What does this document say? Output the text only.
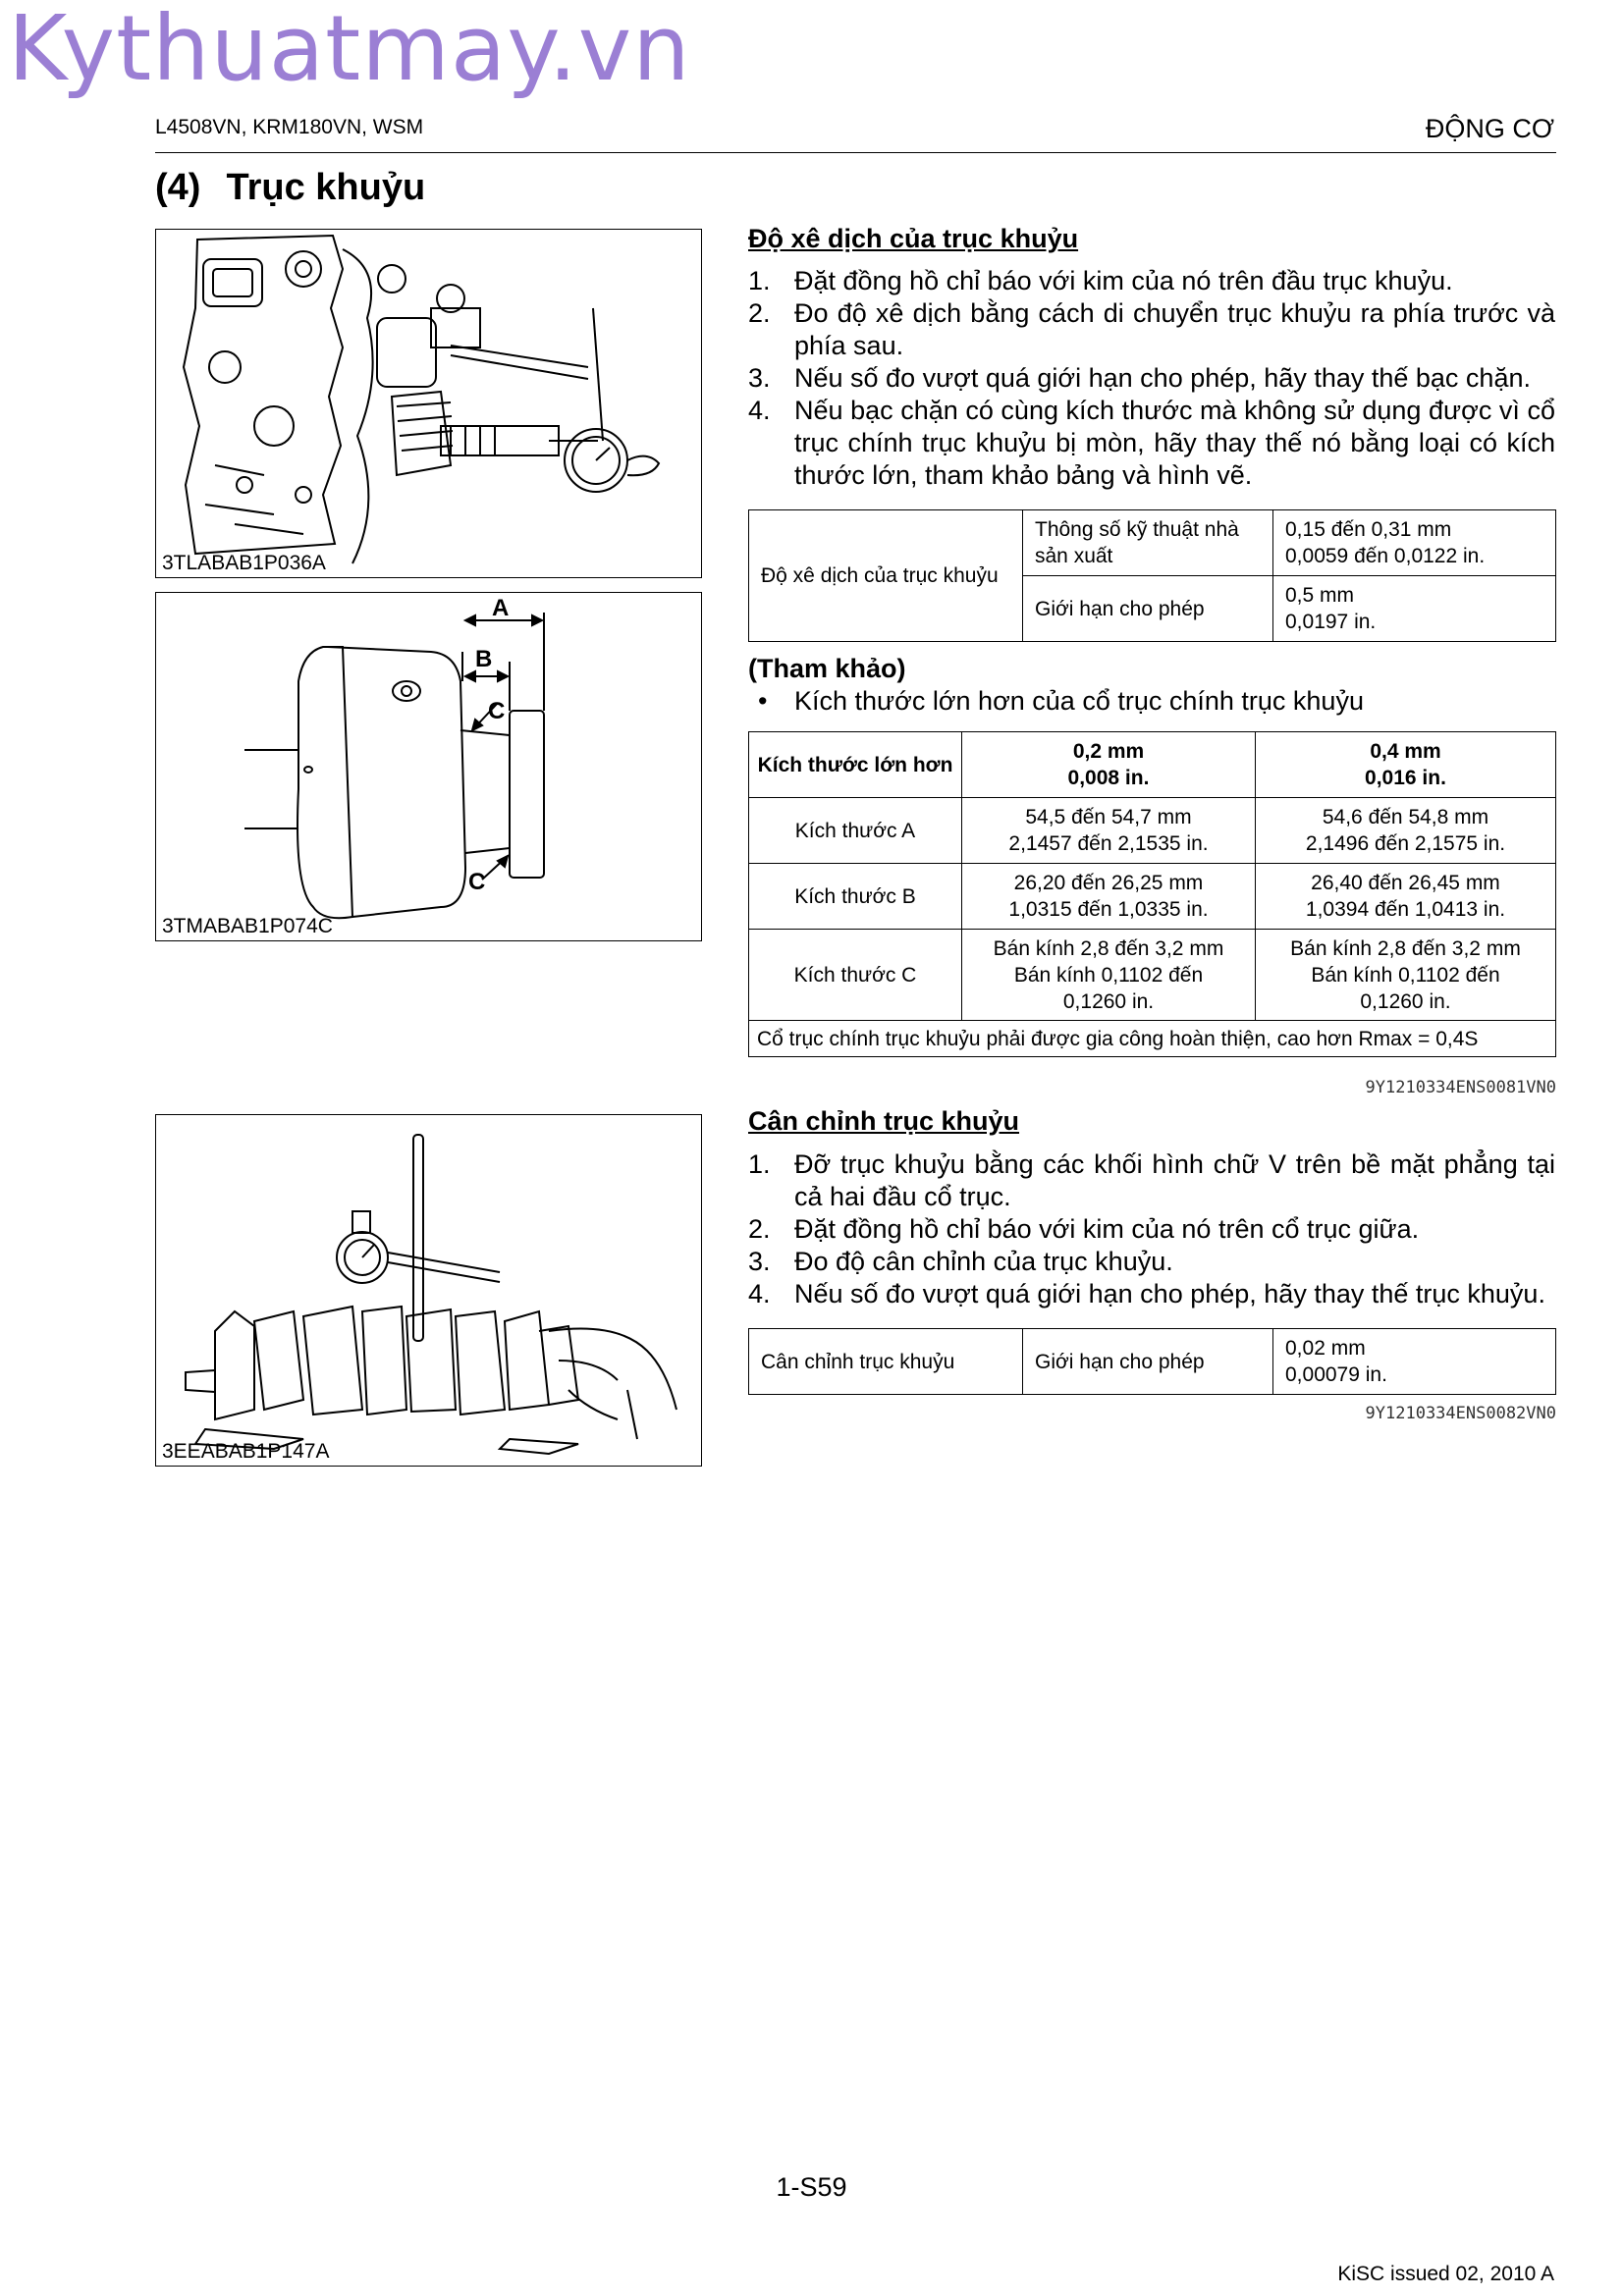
Kythuatmay.vn
L4508VN, KRM180VN, WSM	ĐỘNG CƠ
(4) Trục khuỷu
3TLABAB1P036A
A
B
C
C
3TMABAB1P074C
3EEABAB1P147A
Độ xê dịch của trục khuỷu
1. Đặt đồng hồ chỉ báo với kim của nó trên đầu trục khuỷu.
2. Đo độ xê dịch bằng cách di chuyển trục khuỷu ra phía trước và phía sau.
3. Nếu số đo vượt quá giới hạn cho phép, hãy thay thế bạc chặn.
4. Nếu bạc chặn có cùng kích thước mà không sử dụng được vì cổ trục chính trục khuỷu bị mòn, hãy thay thế nó bằng loại có kích thước lớn, tham khảo bảng và hình vẽ.
Độ xê dịch của trục khuỷu	Thông số kỹ thuật nhà sản xuất	0,15 đến 0,31 mm
0,0059 đến 0,0122 in.

	Giới hạn cho phép	0,5 mm
0,0197 in.
(Tham khảo)
•	Kích thước lớn hơn của cổ trục chính trục khuỷu
Kích thước lớn hơn	0,2 mm
0,008 in.	0,4 mm
0,016 in.
Kích thước A	54,5 đến 54,7 mm
2,1457 đến 2,1535 in.	54,6 đến 54,8 mm
2,1496 đến 2,1575 in.
Kích thước B	26,20 đến 26,25 mm
1,0315 đến 1,0335 in.	26,40 đến 26,45 mm
1,0394 đến 1,0413 in.
Kích thước C	Bán kính 2,8 đến 3,2 mm
Bán kính 0,1102 đến
0,1260 in.	Bán kính 2,8 đến 3,2 mm
Bán kính 0,1102 đến
0,1260 in.
Cổ trục chính trục khuỷu phải được gia công hoàn thiện, cao hơn Rmax = 0,4S		
9Y1210334ENS0081VN0
Cân chỉnh trục khuỷu
1. Đỡ trục khuỷu bằng các khối hình chữ V trên bề mặt phẳng tại cả hai đầu cổ trục.
2. Đặt đồng hồ chỉ báo với kim của nó trên cổ trục giữa.
3. Đo độ cân chỉnh của trục khuỷu.
4. Nếu số đo vượt quá giới hạn cho phép, hãy thay thế trục khuỷu.
Cân chỉnh trục khuỷu	Giới hạn cho phép	
0,02 mm
0,00079 in.
9Y1210334ENS0082VN0
1-S59
KiSC issued 02, 2010 A
